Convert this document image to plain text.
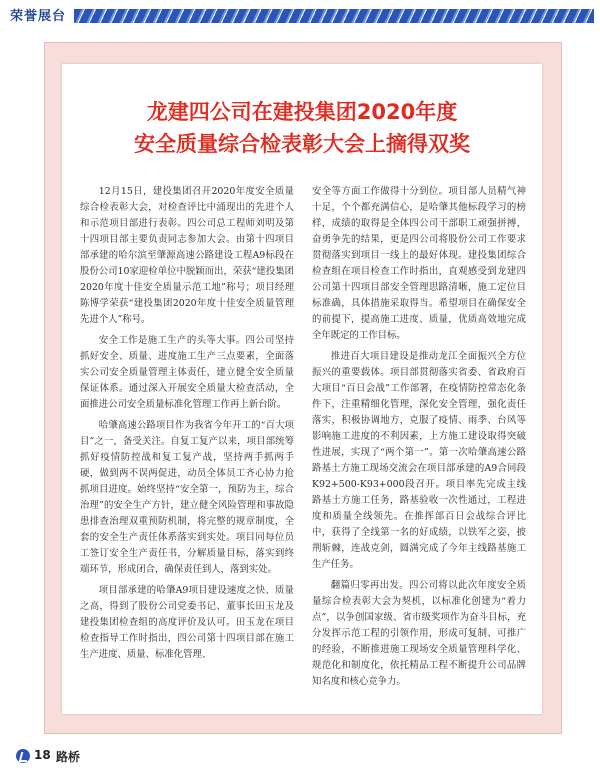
荣誉展台
龙建四公司在建投集团2020年度
安全质量综合检表彰大会上摘得双奖

12月15日，建投集团召开2020年度安全质量综合检表彰大会，对检查评比中涌现出的先进个人和示范项目部进行表彰。四公司总工程师刘明及第十四项目部主要负责同志参加大会。由第十四项目部承建的哈尔滨至肇源高速公路建设工程A9标段在股份公司10家迎检单位中脱颖而出，荣获“建投集团2020年度十佳安全质量示范工地”称号；项目经理陈博学荣获“建投集团2020年度十佳安全质量管理先进个人”称号。

安全工作是施工生产的头等大事。四公司坚持抓好安全、质量、进度施工生产三点要素，全面落实公司安全质量管理主体责任，建立健全安全质量保证体系。通过深入开展安全质量大检查活动，全面推进公司安全质量标准化管理工作再上新台阶。

哈肇高速公路项目作为我省今年开工的“百大项目”之一，备受关注。自复工复产以来，项目部统筹抓好疫情防控战和复工复产战，坚持两手抓两手硬，做到两不误两促进，动员全体员工齐心协力抢抓项目进度。始终坚持“安全第一，预防为主，综合治理”的安全生产方针，建立健全风险管理和事故隐患排查治理双重预防机制，将完整的规章制度，全套的安全生产责任体系落实到实处。项目同每位员工签订安全生产责任书，分解质量目标，落实到终端环节，形成闭合，确保责任到人，落到实处。

项目部承建的哈肇A9项目建设速度之快、质量之高，得到了股份公司党委书记、董事长田玉龙及建投集团检查组的高度评价及认可。田玉龙在项目检查指导工作时指出，四公司第十四项目部在施工生产进度、质量、标准化管理、

安全等方面工作做得十分到位。项目部人员精气神十足，个个都充满信心，是哈肇其他标段学习的榜样，成绩的取得是全体四公司干部职工顽强拼搏，奋勇争先的结果，更是四公司将股份公司工作要求贯彻落实到项目一线上的最好体现。建投集团综合检查组在项目检查工作时指出，直观感受到龙建四公司第十四项目部安全管理思路清晰，施工定位目标准确，具体措施采取得当。希望项目在确保安全的前提下，提高施工进度、质量，优质高效地完成全年既定的工作目标。

推进百大项目建设是推动龙江全面振兴全方位振兴的重要载体。项目部贯彻落实省委、省政府百大项目“百日会战”工作部署，在疫情防控常态化条件下，注重精细化管理，深化安全管理，强化责任落实，积极协调地方，克服了疫情、雨季、台风等影响施工进度的不利因素，上方施工建设取得突破性进展，实现了“两个第一”。第一次哈肇高速公路路基土方施工现场交流会在项目部承建的A9合同段K92+500-K93+000段召开。项目率先完成主线路基土方施工任务，路基验收一次性通过，工程进度和质量全线领先。在推挥部百日会战综合评比中，获得了全线第一名的好成绩，以铁军之姿，披荆斩棘，连战克剑，圆满完成了今年主线路基施工生产任务。

翻篇归零再出发。四公司将以此次年度安全质量综合检表彰大会为契机，以标准化创建为“着力点”，以争创国家级、省市级奖项作为奋斗目标，充分发挥示范工程的引领作用，形成可复制、可推广的经验，不断推进施工现场安全质量管理科学化、规范化和制度化，依托精品工程不断提升公司品牌知名度和核心竞争力。

18 路桥
